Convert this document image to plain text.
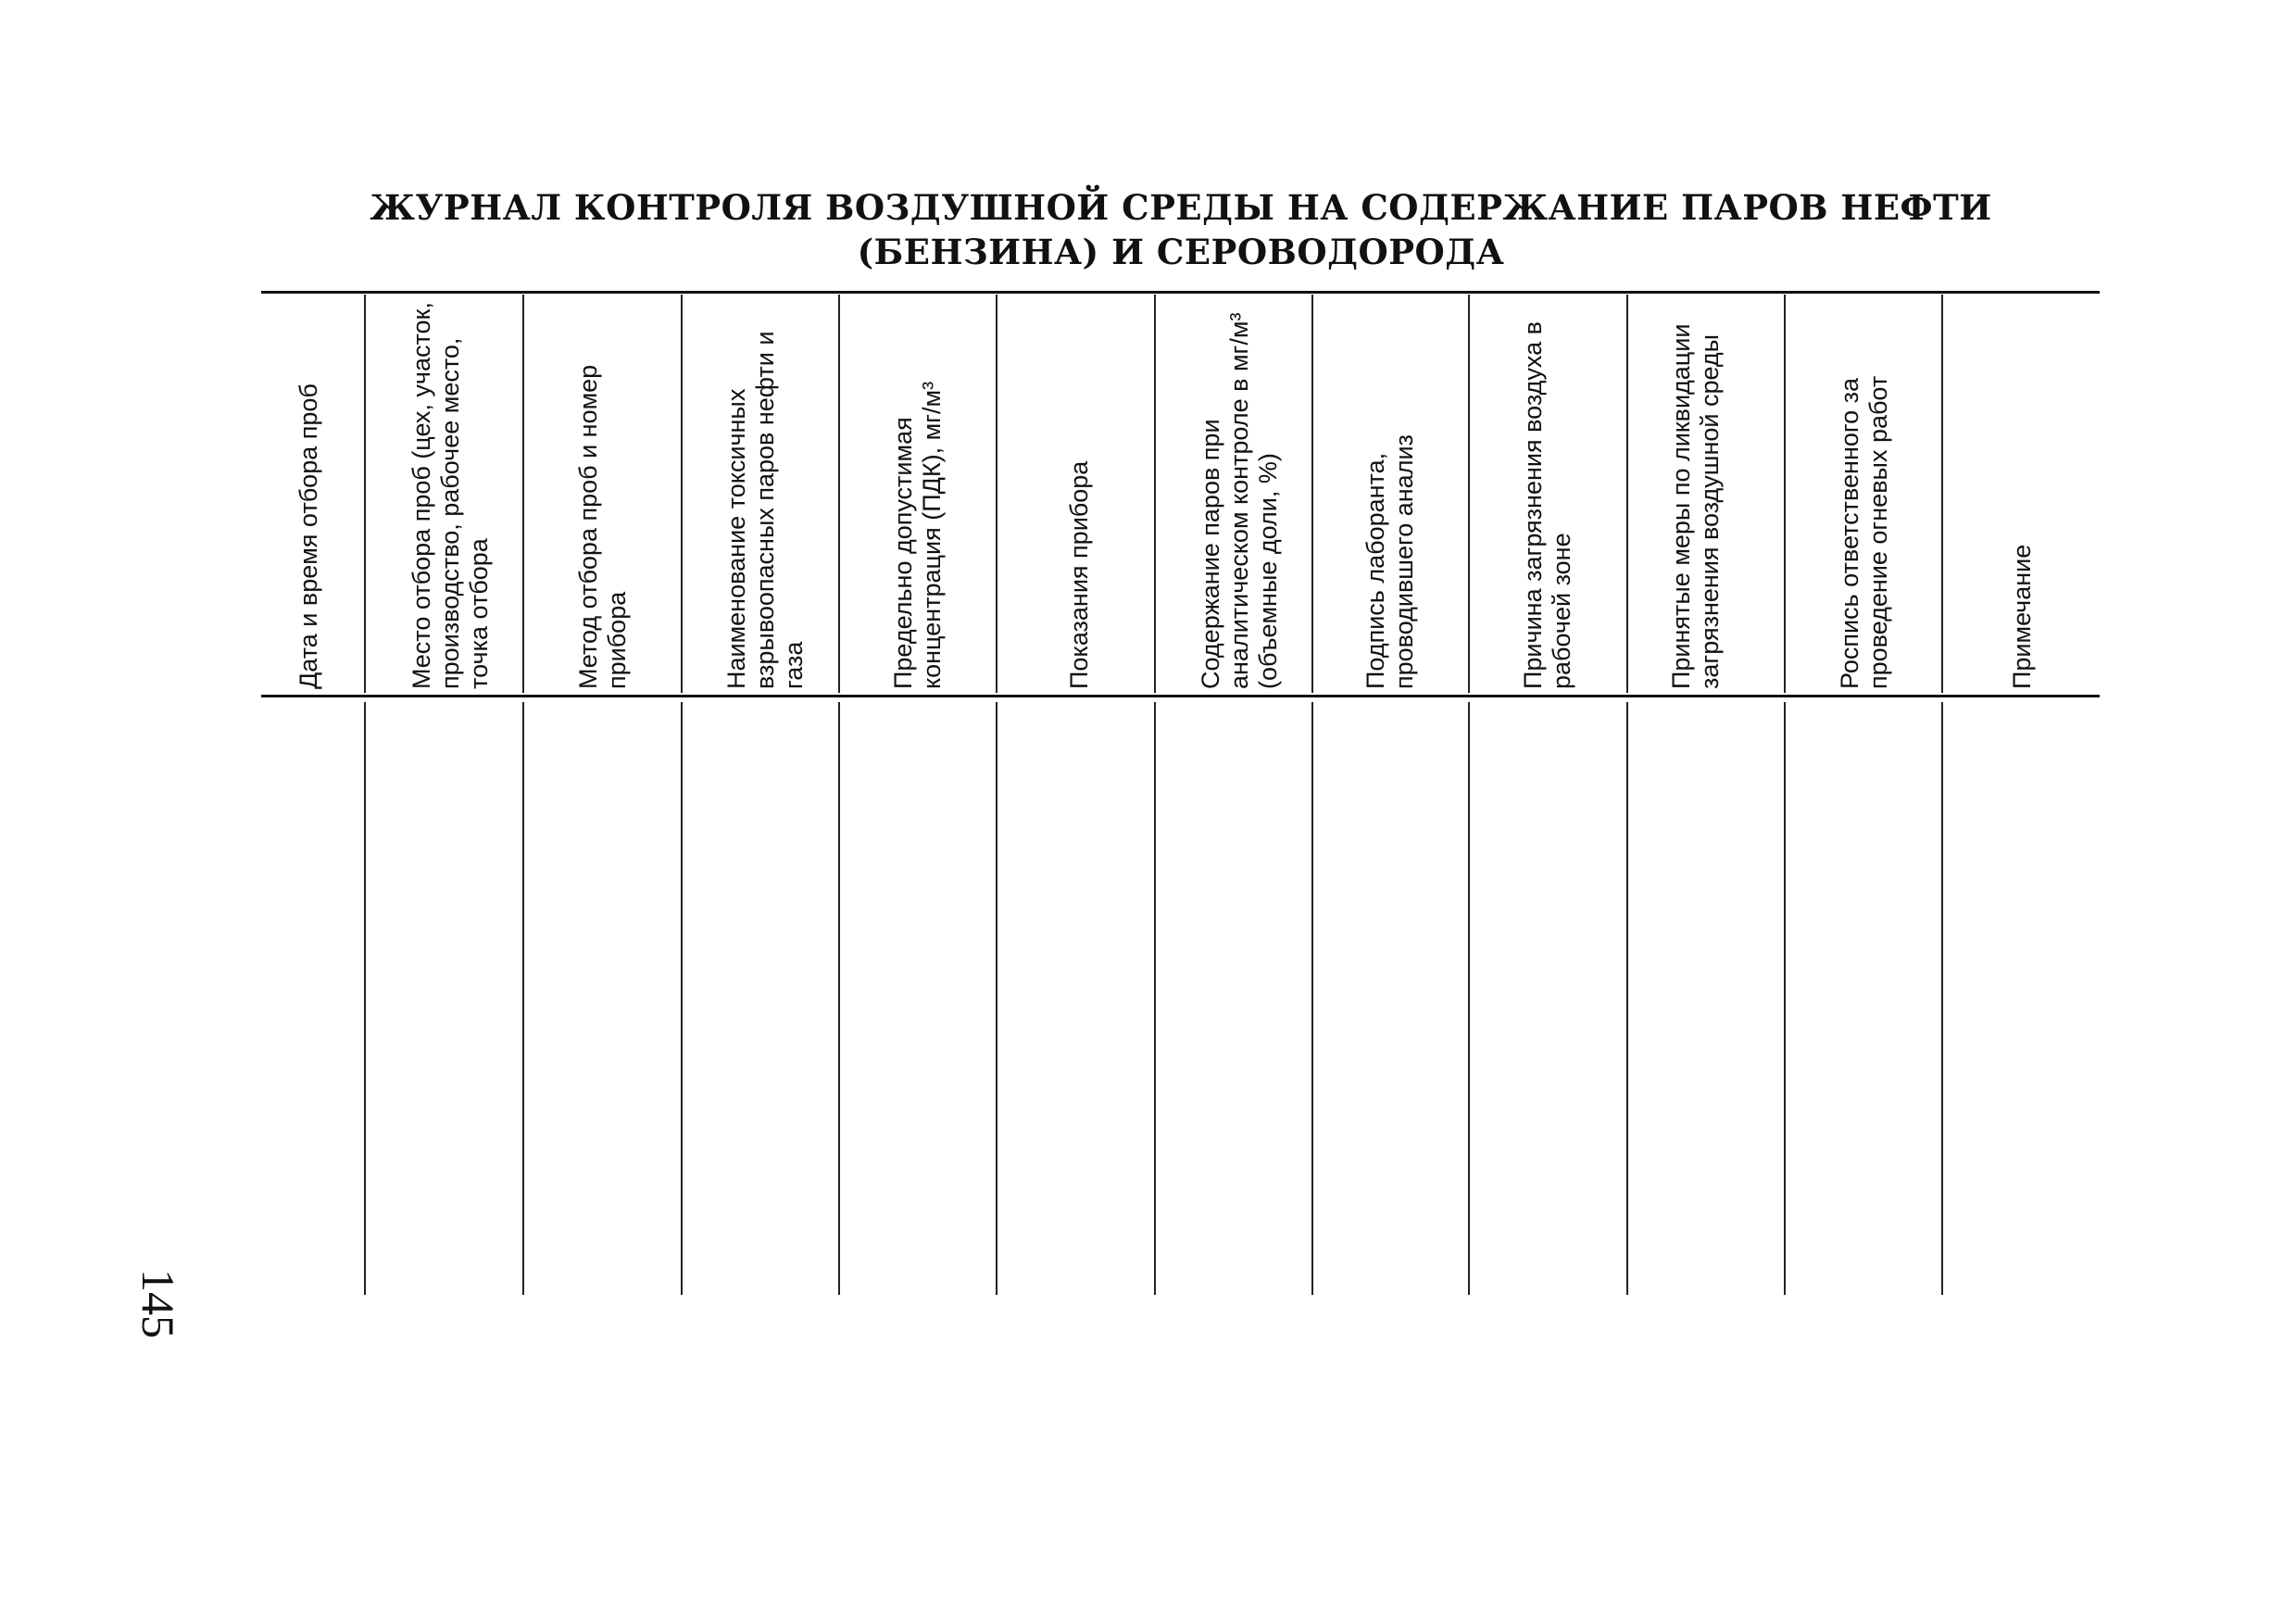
ЖУРНАЛ КОНТРОЛЯ ВОЗДУШНОЙ СРЕДЫ НА СОДЕРЖАНИЕ ПАРОВ НЕФТИ
(БЕНЗИНА) И СЕРОВОДОРОДА
Дата и время отбора проб	Место отбора проб (цех, участок, производство, рабочее место, точка отбора	Метод отбора проб и номер прибора	Наименование токсичных взрывоопасных паров нефти и газа	Предельно допустимая концентрация (ПДК), мг/м³	Показания прибора	Содержание паров при аналитическом контроле в мг/м³ (объемные доли, %)	Подпись лаборанта, проводившего анализ	Причина загрязнения воздуха в рабочей зоне	Принятые меры по ликвидации загрязнения воздушной среды	Роспись ответственного за проведение огневых работ	Примечание
145
